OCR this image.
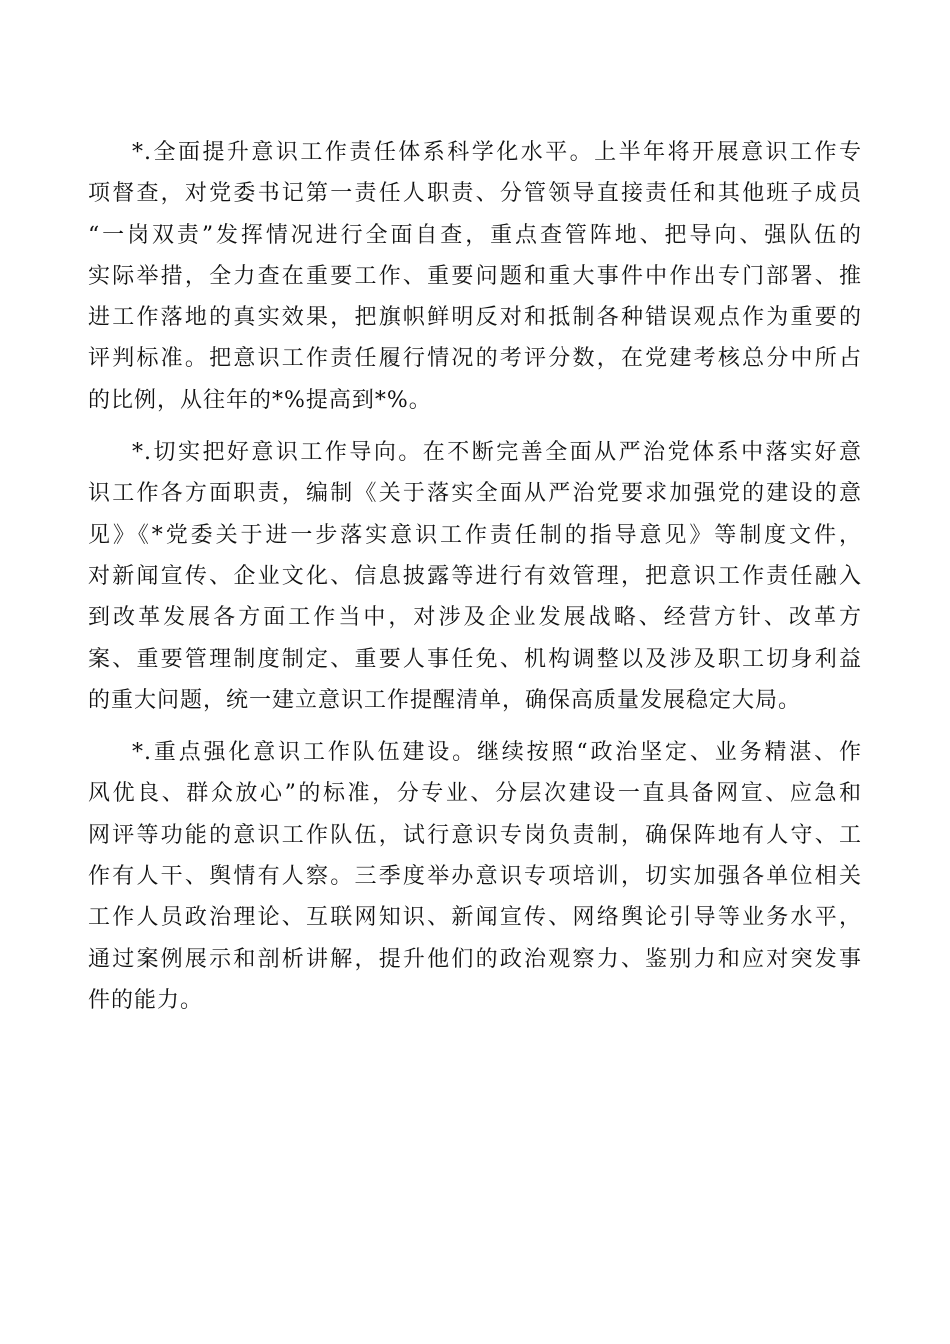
*.全面提升意识工作责任体系科学化水平。上半年将开展意识工作专
项督查，对党委书记第一责任人职责、分管领导直接责任和其他班子成员
“一岗双责”发挥情况进行全面自查，重点查管阵地、把导向、强队伍的
实际举措，全力查在重要工作、重要问题和重大事件中作出专门部署、推
进工作落地的真实效果，把旗帜鲜明反对和抵制各种错误观点作为重要的
评判标准。把意识工作责任履行情况的考评分数，在党建考核总分中所占
的比例，从往年的*%提高到*%。
*.切实把好意识工作导向。在不断完善全面从严治党体系中落实好意
识工作各方面职责，编制《关于落实全面从严治党要求加强党的建设的意
见》《*党委关于进一步落实意识工作责任制的指导意见》等制度文件，
对新闻宣传、企业文化、信息披露等进行有效管理，把意识工作责任融入
到改革发展各方面工作当中，对涉及企业发展战略、经营方针、改革方
案、重要管理制度制定、重要人事任免、机构调整以及涉及职工切身利益
的重大问题，统一建立意识工作提醒清单，确保高质量发展稳定大局。
*.重点强化意识工作队伍建设。继续按照“政治坚定、业务精湛、作
风优良、群众放心”的标准，分专业、分层次建设一直具备网宣、应急和
网评等功能的意识工作队伍，试行意识专岗负责制，确保阵地有人守、工
作有人干、舆情有人察。三季度举办意识专项培训，切实加强各单位相关
工作人员政治理论、互联网知识、新闻宣传、网络舆论引导等业务水平，
通过案例展示和剖析讲解，提升他们的政治观察力、鉴别力和应对突发事
件的能力。
